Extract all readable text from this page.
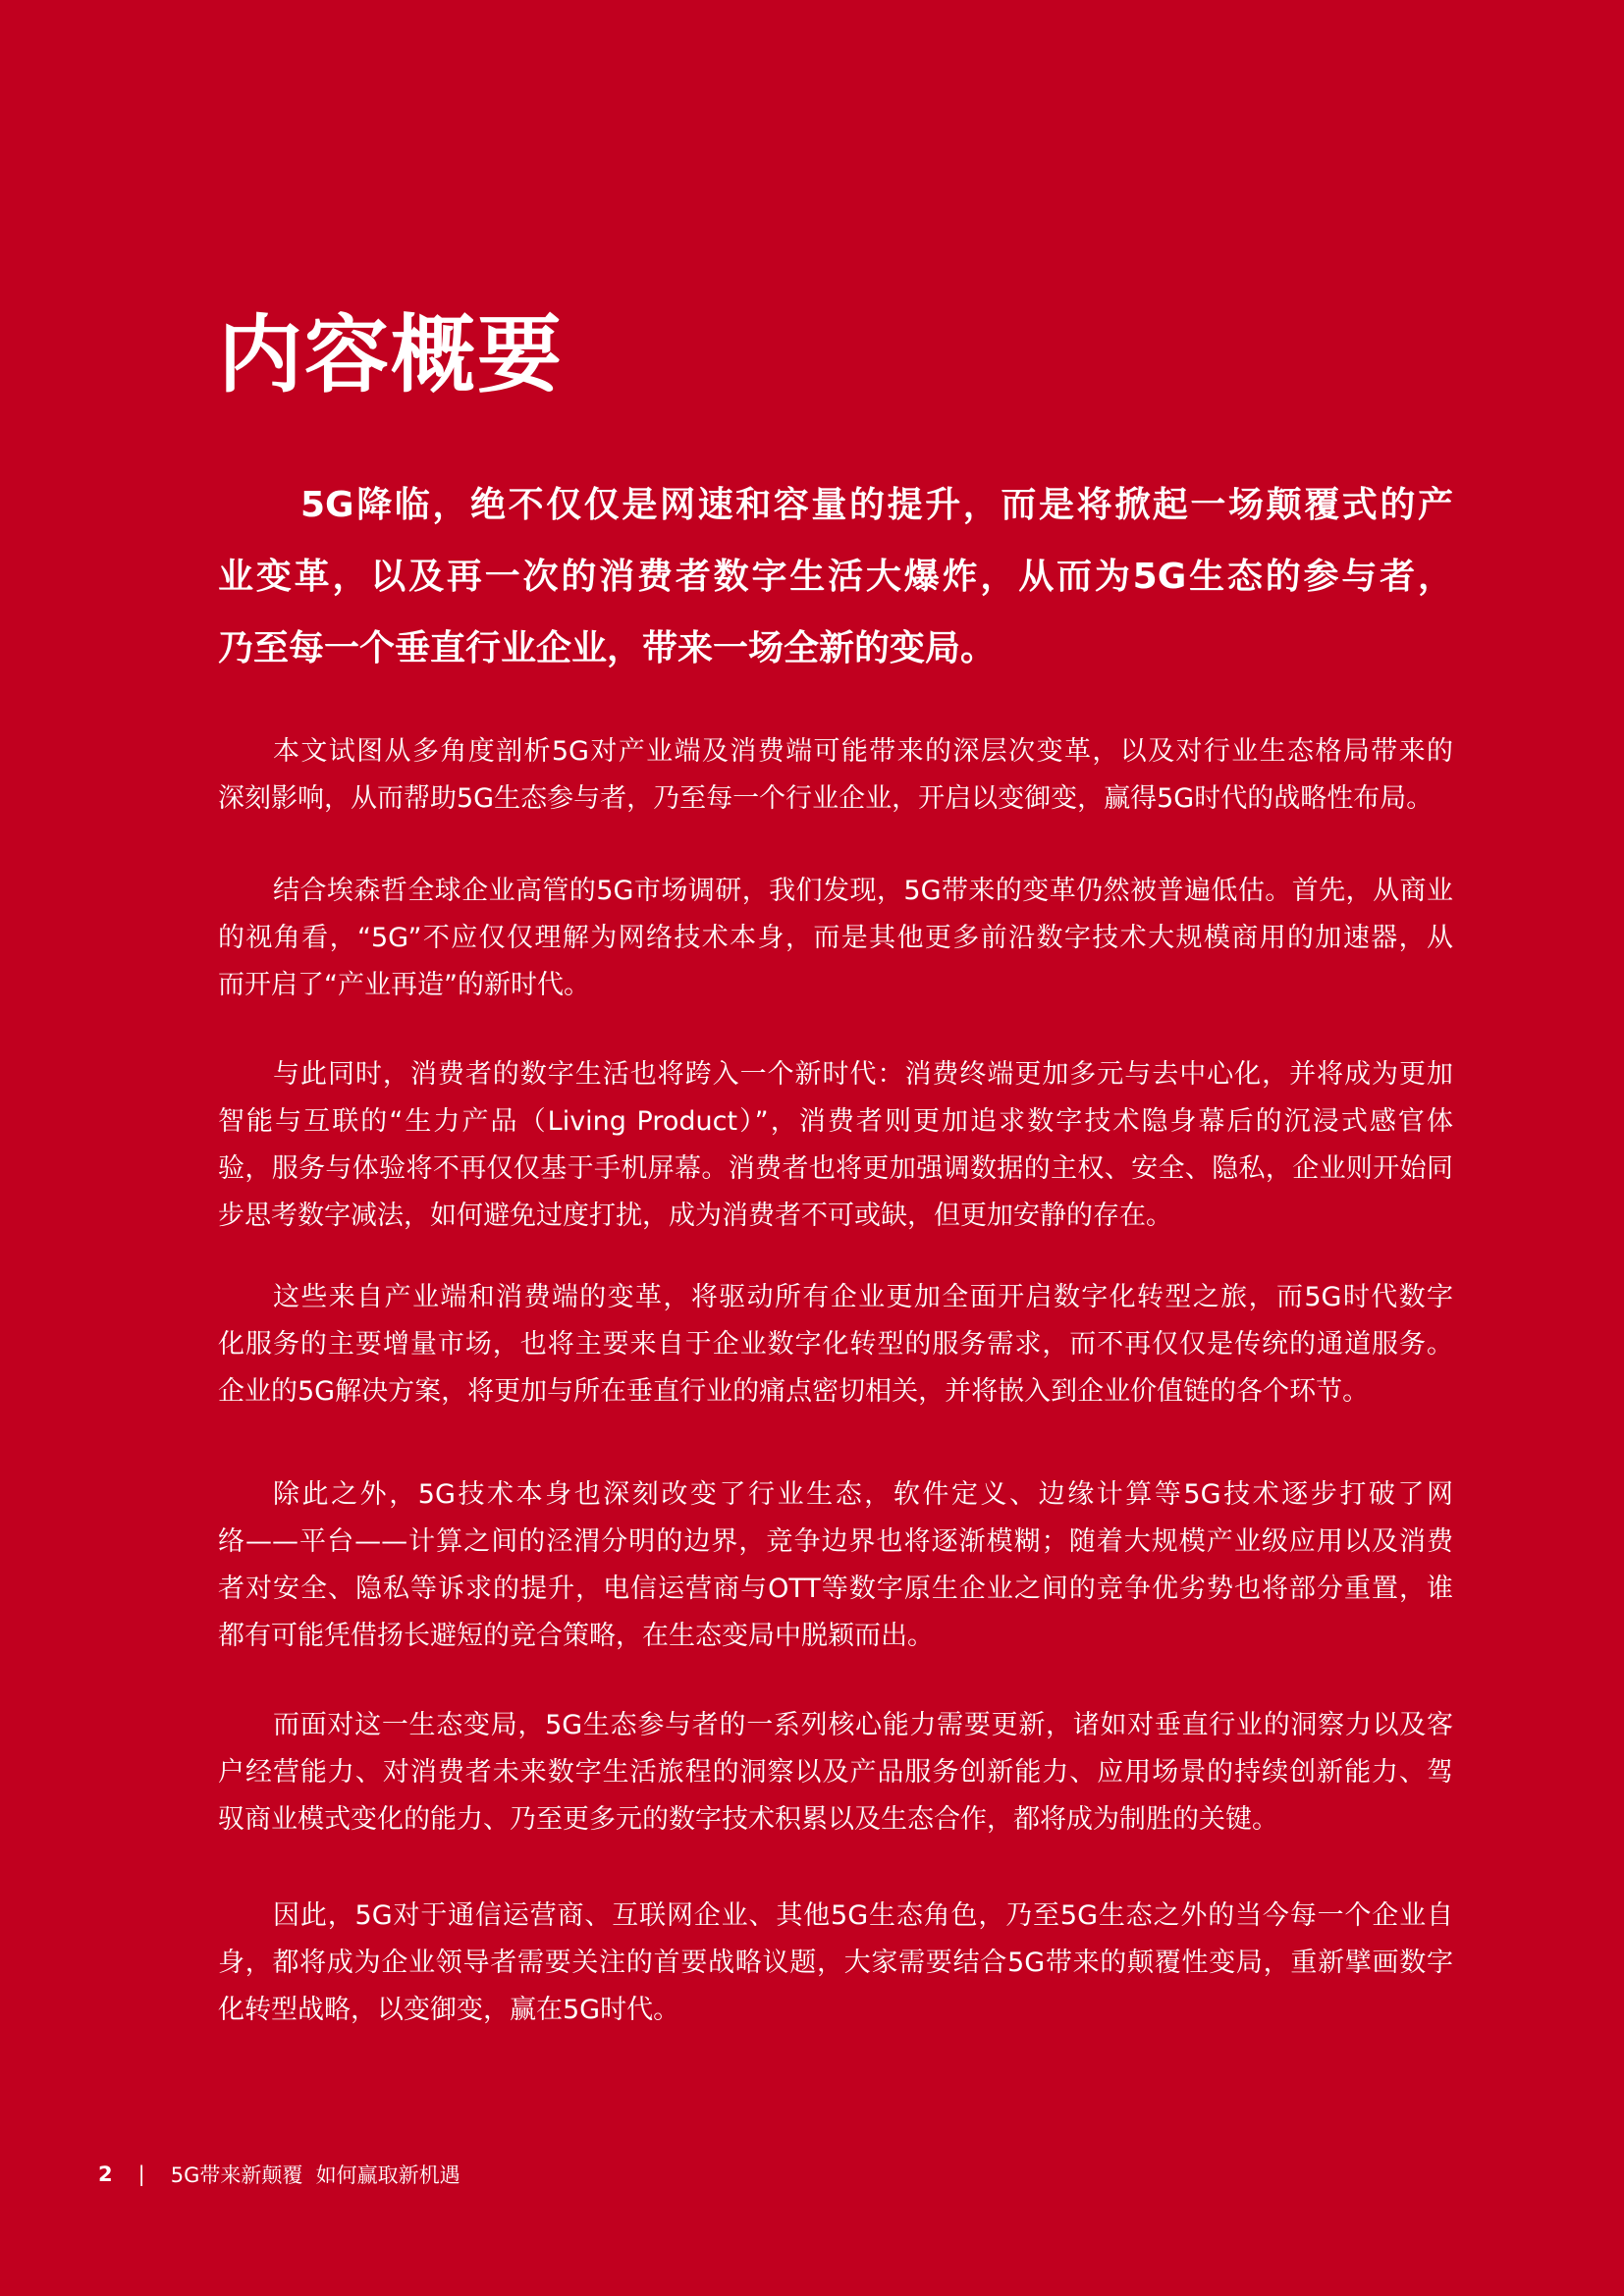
内容概要
5G降临，绝不仅仅是网速和容量的提升，而是将掀起一场颠覆式的产
业变革，以及再一次的消费者数字生活大爆炸，从而为5G生态的参与者，
乃至每一个垂直行业企业，带来一场全新的变局。
本文试图从多角度剖析5G对产业端及消费端可能带来的深层次变革，以及对行业生态格局带来的
深刻影响，从而帮助5G生态参与者，乃至每一个行业企业，开启以变御变，赢得5G时代的战略性布局。
结合埃森哲全球企业高管的5G市场调研，我们发现，5G带来的变革仍然被普遍低估。首先，从商业
的视角看，“5G”不应仅仅理解为网络技术本身，而是其他更多前沿数字技术大规模商用的加速器，从
而开启了“产业再造”的新时代。
与此同时，消费者的数字生活也将跨入一个新时代：消费终端更加多元与去中心化，并将成为更加
智能与互联的“生力产品（Living Product）”，消费者则更加追求数字技术隐身幕后的沉浸式感官体
验，服务与体验将不再仅仅基于手机屏幕。消费者也将更加强调数据的主权、安全、隐私，企业则开始同
步思考数字减法，如何避免过度打扰，成为消费者不可或缺，但更加安静的存在。
这些来自产业端和消费端的变革，将驱动所有企业更加全面开启数字化转型之旅，而5G时代数字
化服务的主要增量市场，也将主要来自于企业数字化转型的服务需求，而不再仅仅是传统的通道服务。
企业的5G解决方案，将更加与所在垂直行业的痛点密切相关，并将嵌入到企业价值链的各个环节。
除此之外，5G技术本身也深刻改变了行业生态，软件定义、边缘计算等5G技术逐步打破了网
络——平台——计算之间的泾渭分明的边界，竞争边界也将逐渐模糊；随着大规模产业级应用以及消费
者对安全、隐私等诉求的提升，电信运营商与OTT等数字原生企业之间的竞争优劣势也将部分重置，谁
都有可能凭借扬长避短的竞合策略，在生态变局中脱颖而出。
而面对这一生态变局，5G生态参与者的一系列核心能力需要更新，诸如对垂直行业的洞察力以及客
户经营能力、对消费者未来数字生活旅程的洞察以及产品服务创新能力、应用场景的持续创新能力、驾
驭商业模式变化的能力、乃至更多元的数字技术积累以及生态合作，都将成为制胜的关键。
因此，5G对于通信运营商、互联网企业、其他5G生态角色，乃至5G生态之外的当今每一个企业自
身，都将成为企业领导者需要关注的首要战略议题，大家需要结合5G带来的颠覆性变局，重新擘画数字
化转型战略，以变御变，赢在5G时代。
2 | 5G带来新颠覆  如何赢取新机遇
